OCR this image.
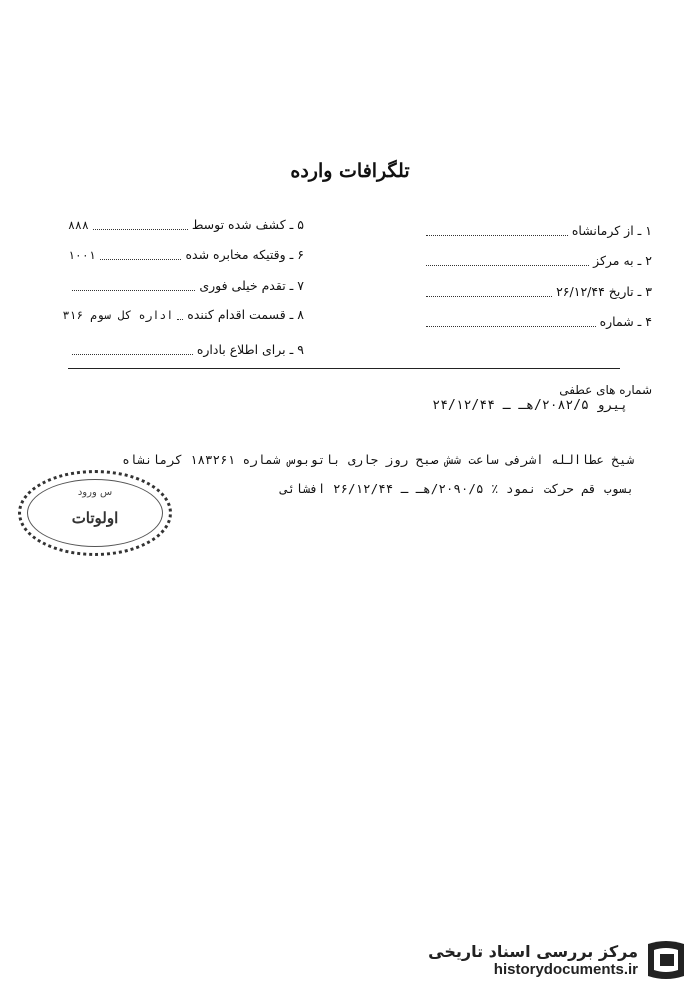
تلگرافات وارده
۱ ـ از کرمانشاه
۲ ـ به مرکز
۳ ـ تاریخ ۲۶/۱۲/۴۴
۴ ـ شماره
۵ ـ کشف شده توسط
۸۸۸
۶ ـ وقتیکه مخابره شده
۱۰۰۱
۷ ـ تقدم خیلی فوری
۸ ـ قسمت اقدام کننده
اداره کل سوم ۳۱۶
۹ ـ برای اطلاع باداره
شماره های عطفی
پیرو ۲۰۸۲/۵/هـ ـ ۲۴/۱۲/۴۴
شیخ عطاالله اشرفی ساعت شش صبح روز جاری باتوبوس شماره ۱۸۳۲۶۱ کرمانشاه
بسوب قم حرکت نمود ٪ ۲۰۹۰/۵/هـ ـ ۲۶/۱۲/۴۴ افشائی
س ورود
اولوتات
مرکز بررسی اسناد تاریخی
historydocuments.ir
